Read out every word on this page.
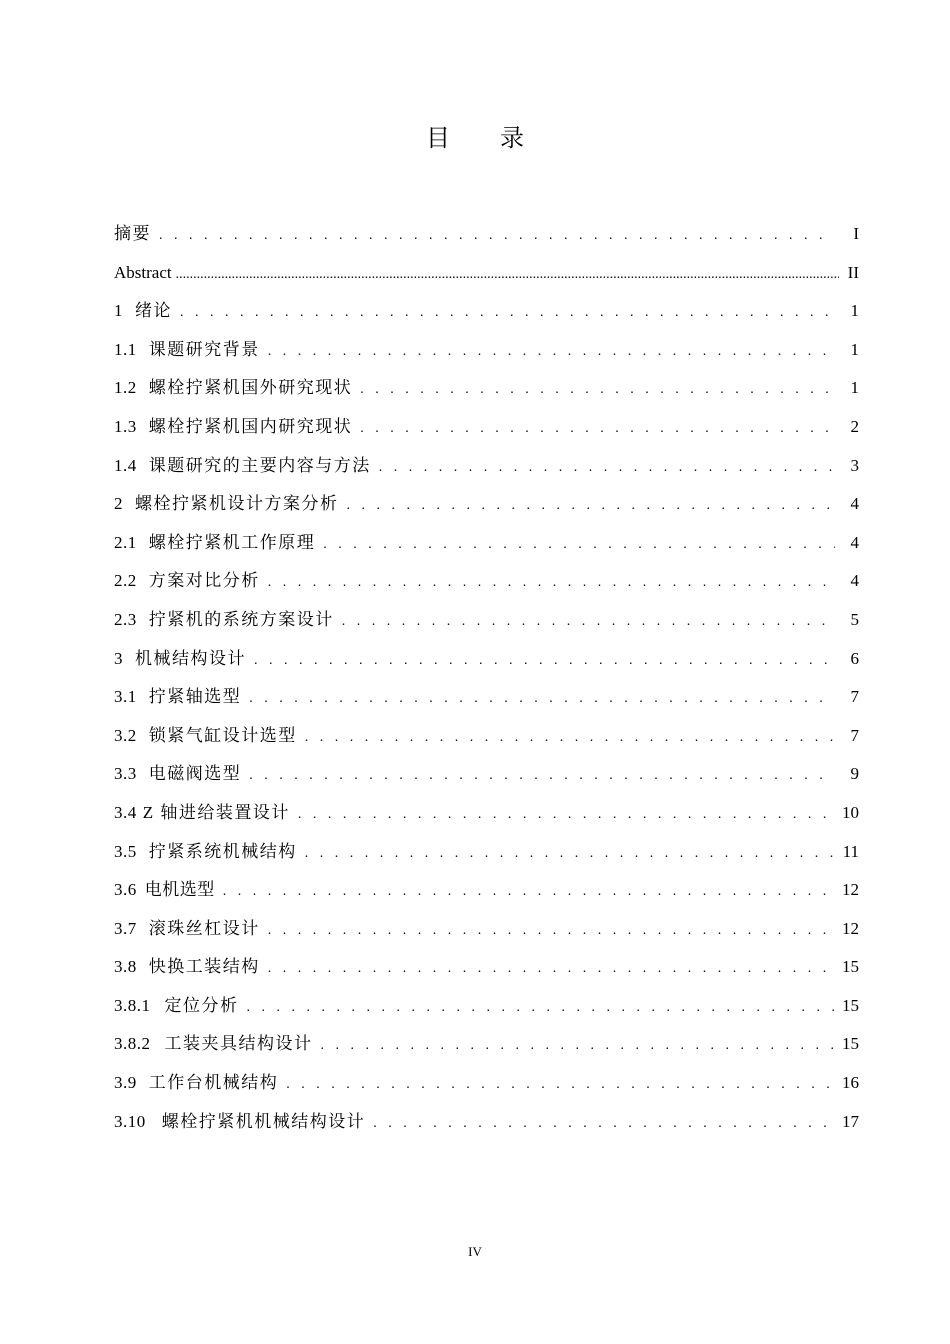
目 录
摘要 . . .	I
Abstract .....	II
1 绪论 . . .	1
1.1 课题研究背景 . . .	1
1.2 螺栓拧紧机国外研究现状 . . .	1
1.3 螺栓拧紧机国内研究现状 . . .	2
1.4 课题研究的主要内容与方法 . . .	3
2 螺栓拧紧机设计方案分析 . . .	4
2.1 螺栓拧紧机工作原理 . . .	4
2.2 方案对比分析 . . .	4
2.3 拧紧机的系统方案设计 . . .	5
3 机械结构设计 . . .	6
3.1 拧紧轴选型 . . .	7
3.2 锁紧气缸设计选型 . . .	7
3.3 电磁阀选型 . . .	9
3.4 Z 轴进给装置设计 . . .	10
3.5 拧紧系统机械结构 . . .	11
3.6 电机选型 . . .	12
3.7 滚珠丝杠设计 . . .	12
3.8 快换工装结构 . . .	15
3.8.1 定位分析 . . .	15
3.8.2 工装夹具结构设计 . . .	15
3.9 工作台机械结构 . . .	16
3.10 螺栓拧紧机机械结构设计 . . .	17
IV
